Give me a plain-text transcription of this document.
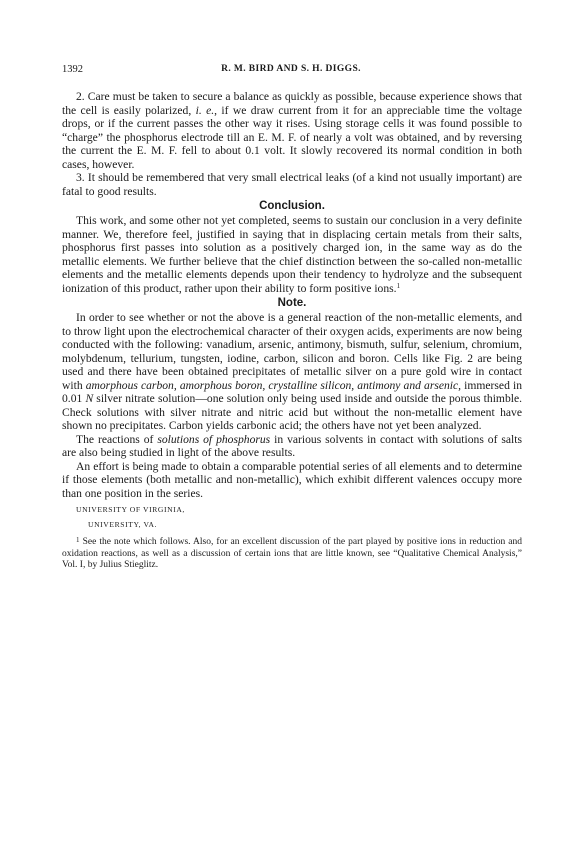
1392	R. M. BIRD AND S. H. DIGGS.

2. Care must be taken to secure a balance as quickly as possible, because experience shows that the cell is easily polarized, i. e., if we draw current from it for an appreciable time the voltage drops, or if the current passes the other way it rises. Using storage cells it was found possible to “charge” the phosphorus electrode till an E. M. F. of nearly a volt was obtained, and by reversing the current the E. M. F. fell to about 0.1 volt. It slowly recovered its normal condition in both cases, however.

3. It should be remembered that very small electrical leaks (of a kind not usually important) are fatal to good results.

Conclusion.

This work, and some other not yet completed, seems to sustain our conclusion in a very definite manner. We, therefore feel, justified in saying that in displacing certain metals from their salts, phosphorus first passes into solution as a positively charged ion, in the same way as do the metallic elements. We further believe that the chief distinction between the so-called non-metallic elements and the metallic elements depends upon their tendency to hydrolyze and the subsequent ionization of this product, rather upon their ability to form positive ions.$^1$

Note.

In order to see whether or not the above is a general reaction of the non-metallic elements, and to throw light upon the electrochemical character of their oxygen acids, experiments are now being conducted with the following: vanadium, arsenic, antimony, bismuth, sulfur, selenium, chromium, molybdenum, tellurium, tungsten, iodine, carbon, silicon and boron. Cells like Fig. 2 are being used and there have been obtained precipitates of metallic silver on a pure gold wire in contact with amorphous carbon, amorphous boron, crystalline silicon, antimony and arsenic, immersed in 0.01 N silver nitrate solution—one solution only being used inside and outside the porous thimble. Check solutions with silver nitrate and nitric acid but without the non-metallic element have shown no precipitates. Carbon yields carbonic acid; the others have not yet been analyzed.

The reactions of solutions of phosphorus in various solvents in contact with solutions of salts are also being studied in light of the above results.

An effort is being made to obtain a comparable potential series of all elements and to determine if those elements (both metallic and non-metallic), which exhibit different valences occupy more than one position in the series.

UNIVERSITY OF VIRGINIA,
UNIVERSITY, VA.

$^1$ See the note which follows. Also, for an excellent discussion of the part played by positive ions in reduction and oxidation reactions, as well as a discussion of certain ions that are little known, see “Qualitative Chemical Analysis,” Vol. I, by Julius Stieglitz.
